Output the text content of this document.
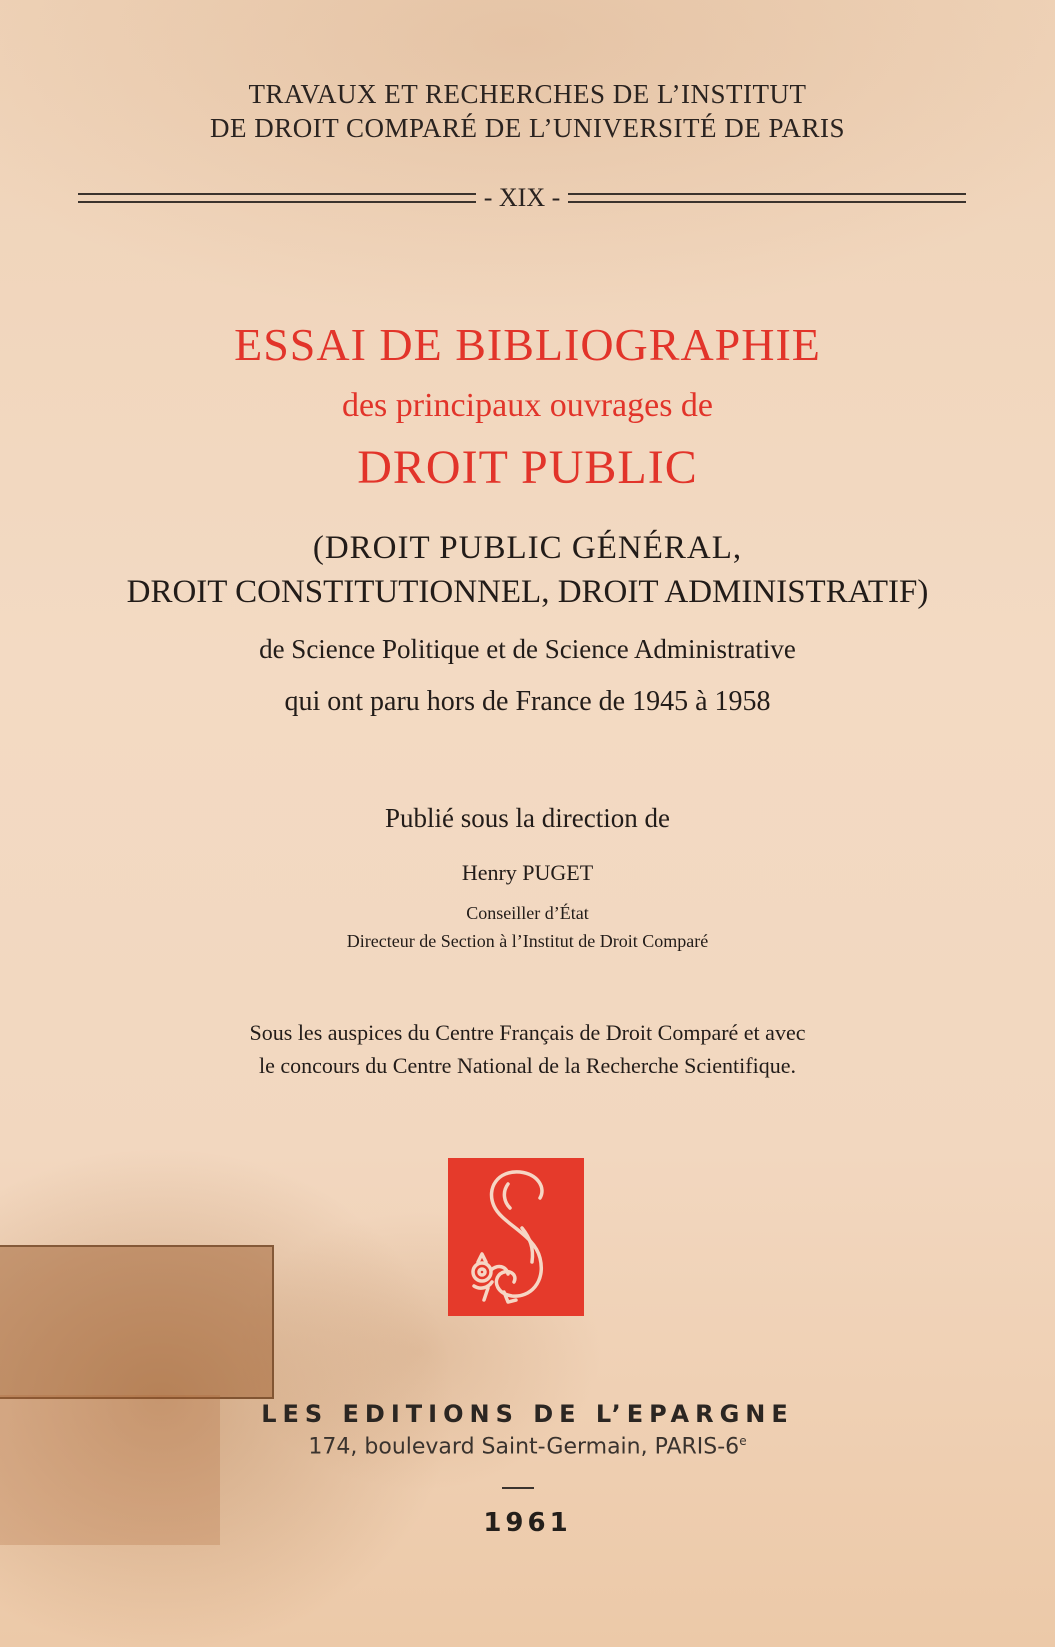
TRAVAUX ET RECHERCHES DE L’INSTITUT
DE DROIT COMPARÉ DE L’UNIVERSITÉ DE PARIS
- XIX -
ESSAI DE BIBLIOGRAPHIE
des principaux ouvrages de
DROIT PUBLIC
(DROIT PUBLIC GÉNÉRAL,
DROIT CONSTITUTIONNEL, DROIT ADMINISTRATIF)
de Science Politique et de Science Administrative
qui ont paru hors de France de 1945 à 1958
Publié sous la direction de
Henry PUGET
Conseiller d’État
Directeur de Section à l’Institut de Droit Comparé
Sous les auspices du Centre Français de Droit Comparé et avec
le concours du Centre National de la Recherche Scientifique.
LES EDITIONS DE L’EPARGNE
174, boulevard Saint-Germain, PARIS-6e
1961
